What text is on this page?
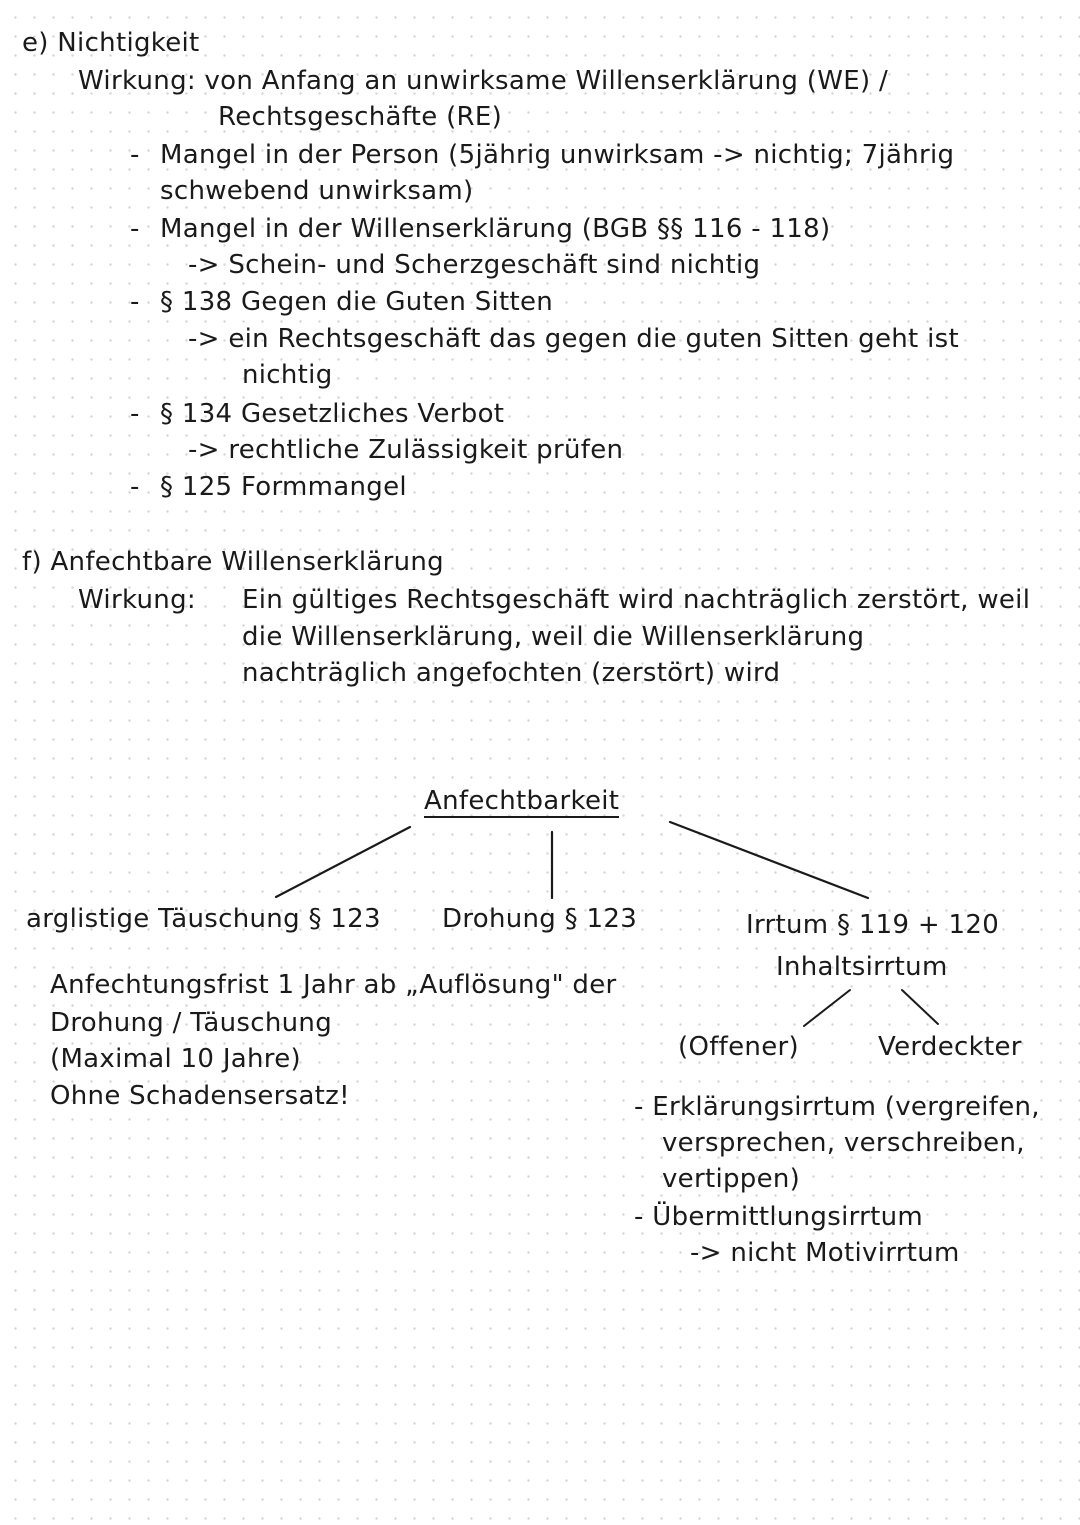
e) Nichtigkeit
Wirkung: von Anfang an unwirksame Willenserklärung (WE) /
Rechtsgeschäfte (RE)
- Mangel in der Person (5jährig unwirksam -> nichtig; 7jährig
schwebend unwirksam)
- Mangel in der Willenserklärung (BGB §§ 116 - 118)
-> Schein- und Scherzgeschäft sind nichtig
- § 138 Gegen die Guten Sitten
-> ein Rechtsgeschäft das gegen die guten Sitten geht ist
nichtig
- § 134 Gesetzliches Verbot
-> rechtliche Zulässigkeit prüfen
- § 125 Formmangel
f) Anfechtbare Willenserklärung
Wirkung: Ein gültiges Rechtsgeschäft wird nachträglich zerstört, weil
die Willenserklärung, weil die Willenserklärung
nachträglich angefochten (zerstört) wird
Anfechtbarkeit
arglistige Täuschung § 123 Drohung § 123	Irrtum § 119 + 120
Inhaltsirrtum
(Offener)	Verdeckter
Anfechtungsfrist 1 Jahr ab „Auflösung" der
Drohung / Täuschung
(Maximal 10 Jahre)
Ohne Schadensersatz!	- Erklärungsirrtum (vergreifen,
versprechen, verschreiben,
vertippen)
- Übermittlungsirrtum
-> nicht Motivirrtum
